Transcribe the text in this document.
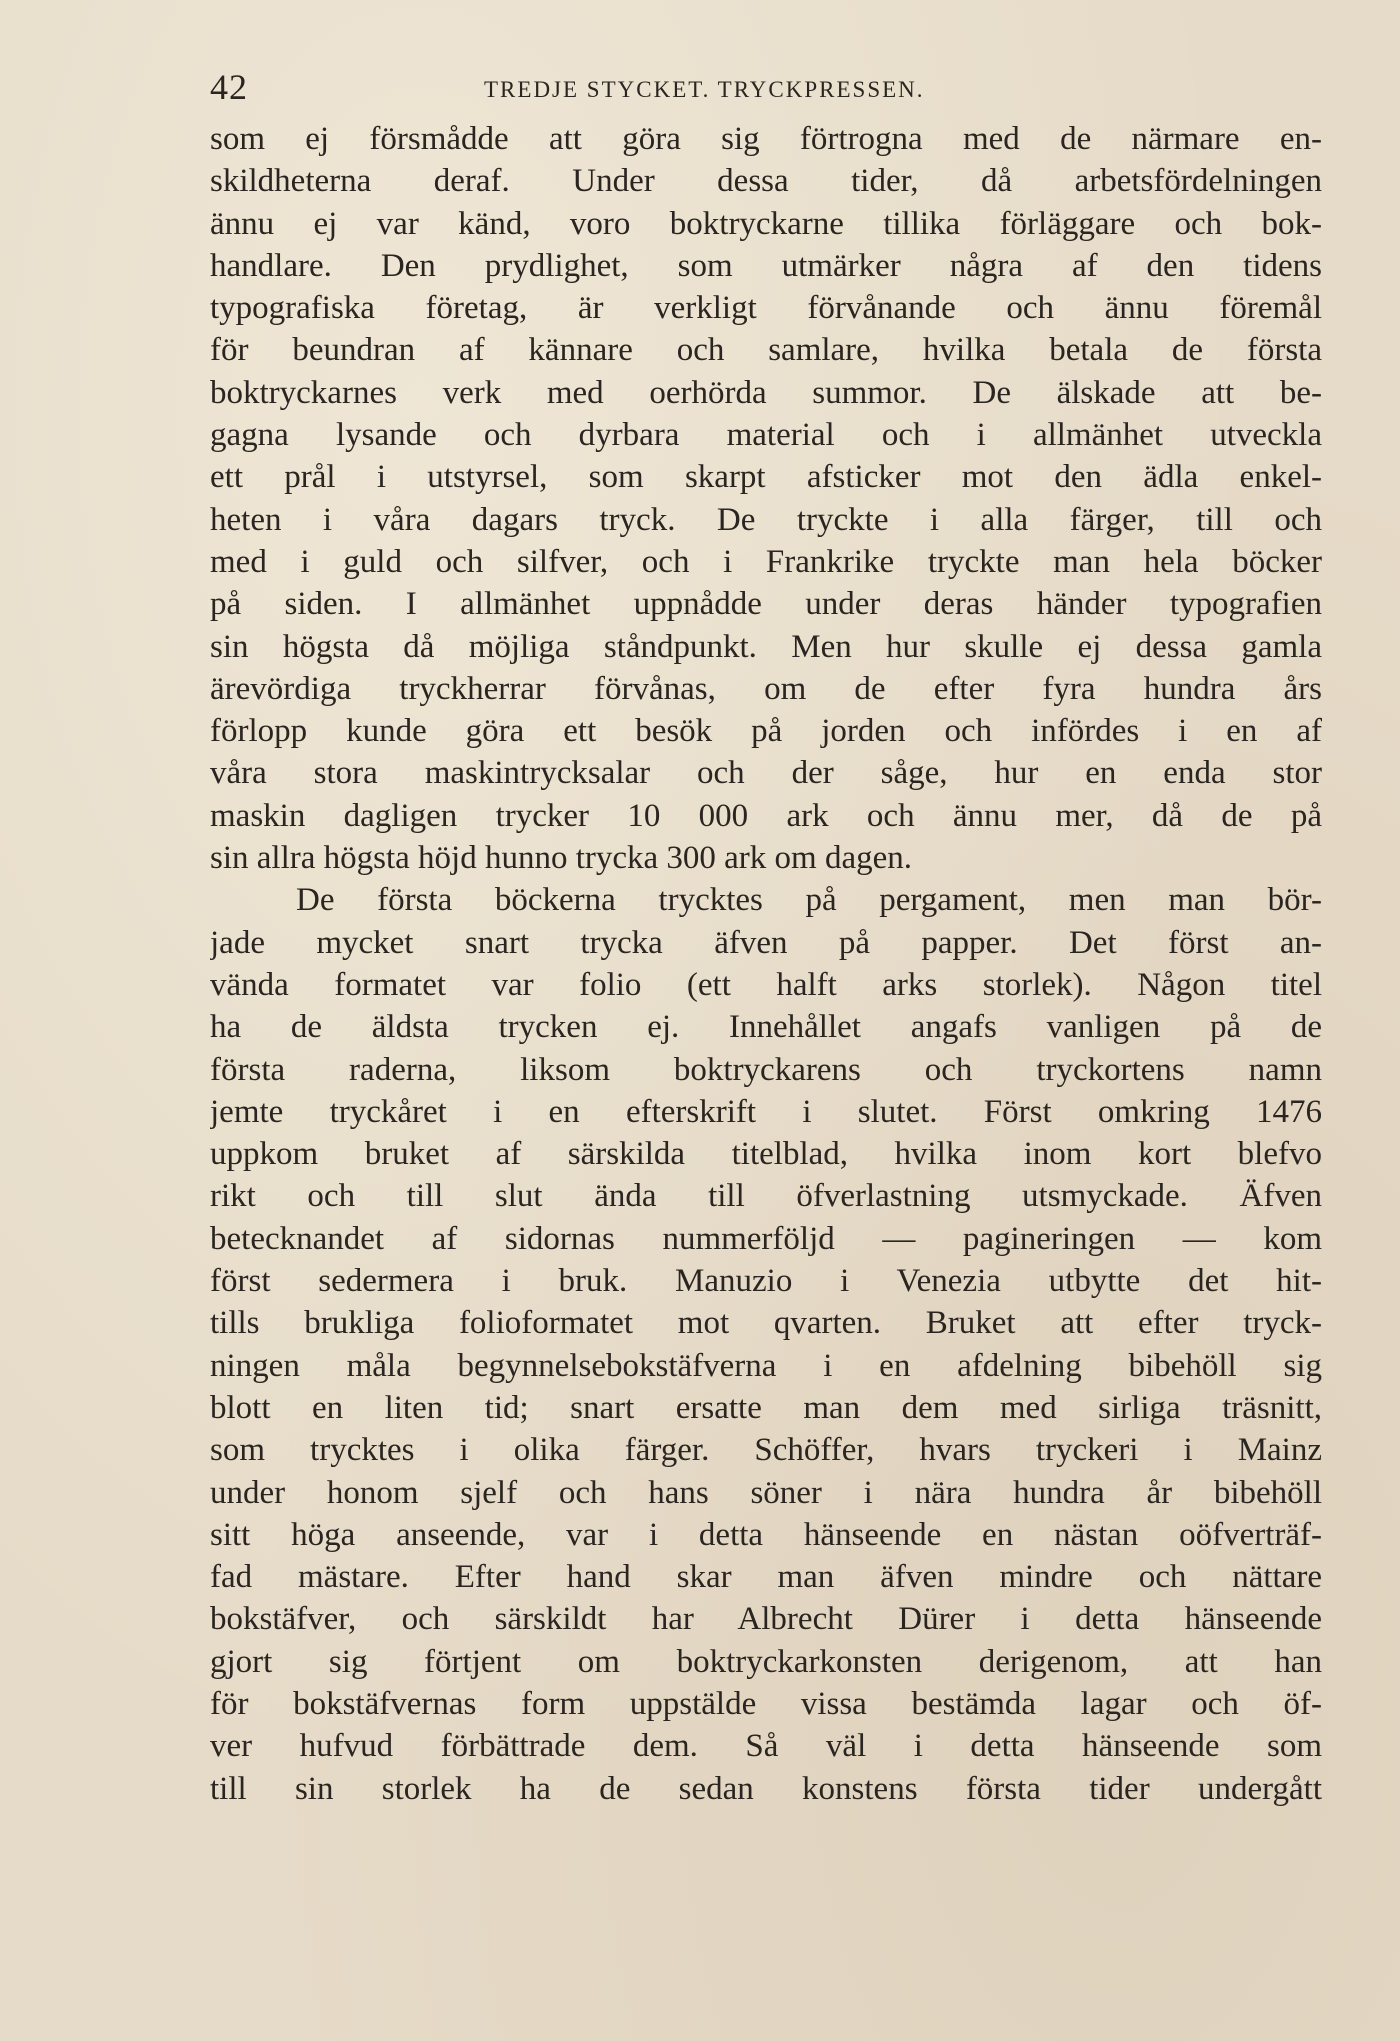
42	TREDJE STYCKET. TRYCKPRESSEN.
som ej försmådde att göra sig förtrogna med de närmare en-
skildheterna deraf. Under dessa tider, då arbetsfördelningen
ännu ej var känd, voro boktryckarne tillika förläggare och bok-
handlare. Den prydlighet, som utmärker några af den tidens
typografiska företag, är verkligt förvånande och ännu föremål
för beundran af kännare och samlare, hvilka betala de första
boktryckarnes verk med oerhörda summor. De älskade att be-
gagna lysande och dyrbara material och i allmänhet utveckla
ett prål i utstyrsel, som skarpt afsticker mot den ädla enkel-
heten i våra dagars tryck. De tryckte i alla färger, till och
med i guld och silfver, och i Frankrike tryckte man hela böcker
på siden. I allmänhet uppnådde under deras händer typografien
sin högsta då möjliga ståndpunkt. Men hur skulle ej dessa gamla
ärevördiga tryckherrar förvånas, om de efter fyra hundra års
förlopp kunde göra ett besök på jorden och infördes i en af
våra stora maskintrycksalar och der såge, hur en enda stor
maskin dagligen trycker 10 000 ark och ännu mer, då de på
sin allra högsta höjd hunno trycka 300 ark om dagen.
De första böckerna trycktes på pergament, men man bör-
jade mycket snart trycka äfven på papper. Det först an-
vända formatet var folio (ett halft arks storlek). Någon titel
ha de äldsta trycken ej. Innehållet angafs vanligen på de
första raderna, liksom boktryckarens och tryckortens namn
jemte tryckåret i en efterskrift i slutet. Först omkring 1476
uppkom bruket af särskilda titelblad, hvilka inom kort blefvo
rikt och till slut ända till öfverlastning utsmyckade. Äfven
betecknandet af sidornas nummerföljd — pagineringen — kom
först sedermera i bruk. Manuzio i Venezia utbytte det hit-
tills brukliga folioformatet mot qvarten. Bruket att efter tryck-
ningen måla begynnelsebokstäfverna i en afdelning bibehöll sig
blott en liten tid; snart ersatte man dem med sirliga träsnitt,
som trycktes i olika färger. Schöffer, hvars tryckeri i Mainz
under honom sjelf och hans söner i nära hundra år bibehöll
sitt höga anseende, var i detta hänseende en nästan oöfverträf-
fad mästare. Efter hand skar man äfven mindre och nättare
bokstäfver, och särskildt har Albrecht Dürer i detta hänseende
gjort sig förtjent om boktryckarkonsten derigenom, att han
för bokstäfvernas form uppstälde vissa bestämda lagar och öf-
ver hufvud förbättrade dem. Så väl i detta hänseende som
till sin storlek ha de sedan konstens första tider undergått
